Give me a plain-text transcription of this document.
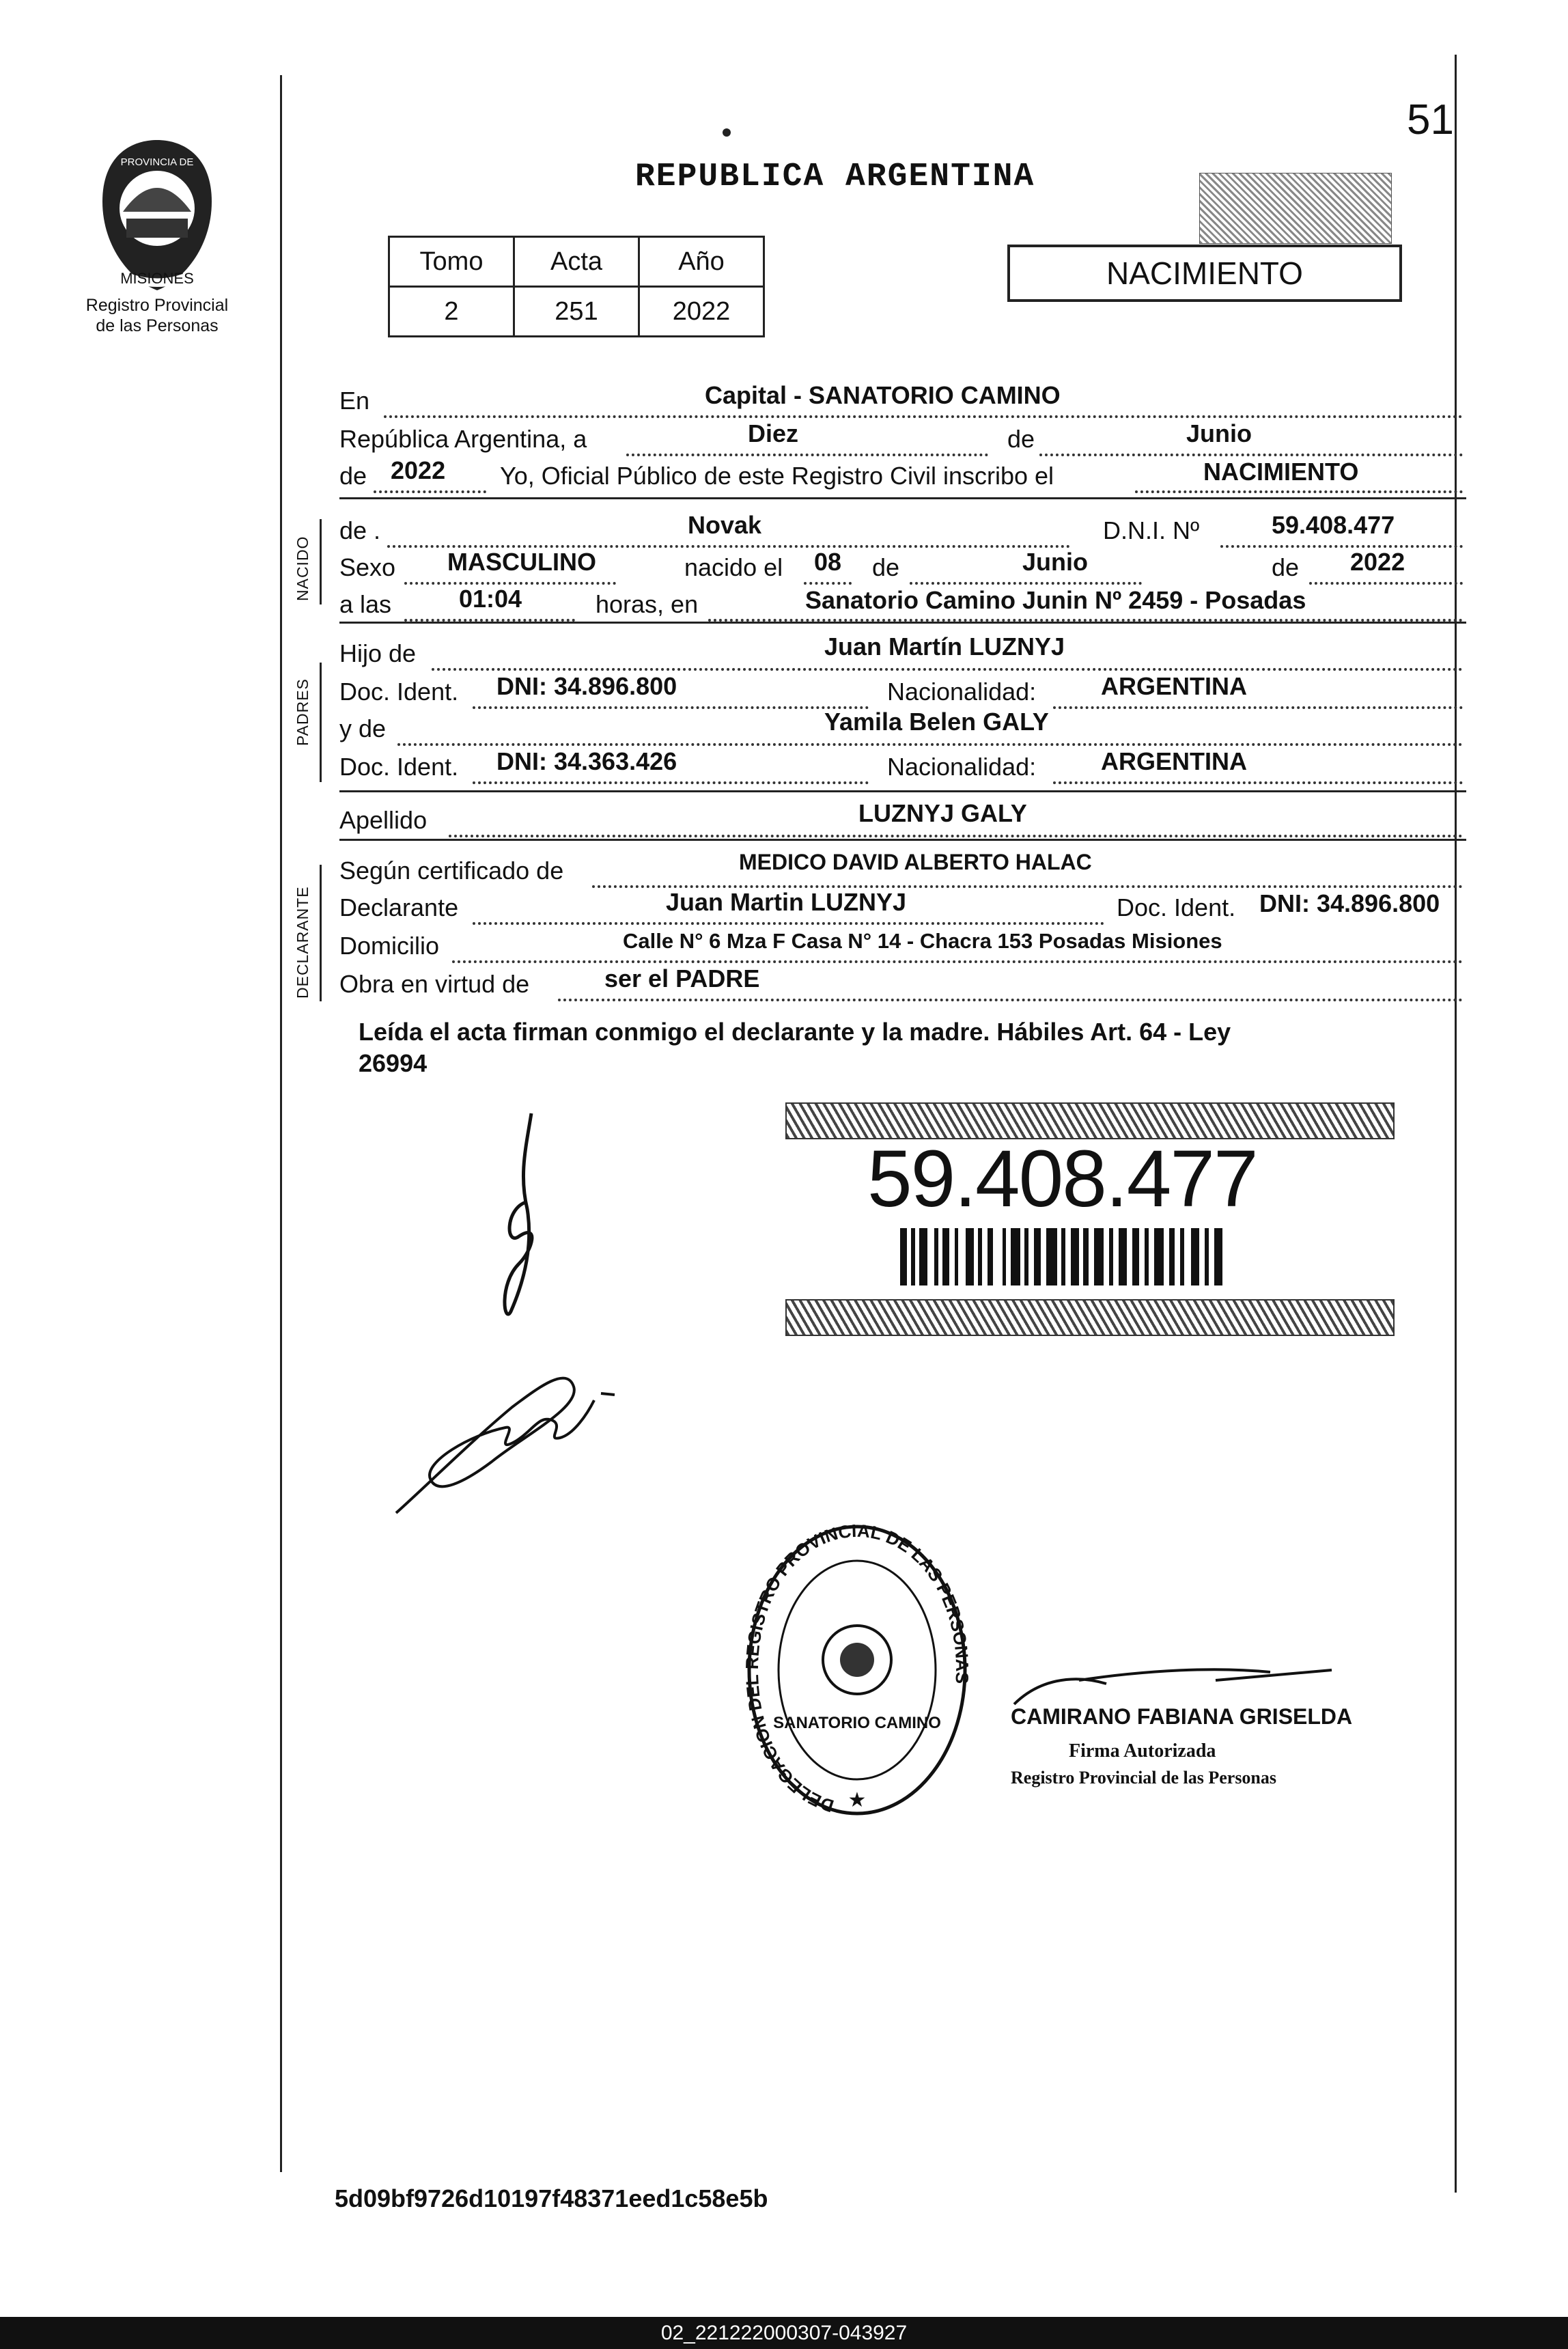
MISIONES
PROVINCIA DE
Registro Provincial
de las Personas
51
REPUBLICA ARGENTINA
Tomo	Acta	Año
2	251	2022
NACIMIENTO
NACIDO
PADRES
DECLARANTE
En	Capital - SANATORIO CAMINO
República Argentina, a	Diez	de	Junio
de 2022 Yo, Oficial Público de este Registro Civil inscribo el	NACIMIENTO
de .	Novak	D.N.I. Nº	59.408.477
Sexo MASCULINO	nacido el 08 de	Junio	de 2022
a las	01:04	horas, en	Sanatorio Camino Junin Nº 2459 - Posadas
Hijo de	Juan Martín LUZNYJ
Doc. Ident. DNI: 34.896.800	Nacionalidad:	ARGENTINA
y de	Yamila Belen GALY
Doc. Ident. DNI: 34.363.426	Nacionalidad:	ARGENTINA
Apellido	LUZNYJ GALY
Según certificado de	MEDICO DAVID ALBERTO HALAC
Declarante	Juan Martin LUZNYJ	Doc. Ident. DNI: 34.896.800
Domicilio	Calle N° 6 Mza F Casa N° 14 - Chacra 153 Posadas Misiones
Obra en virtud de	ser el PADRE
Leída el acta firman conmigo el declarante y la madre. Hábiles Art. 64 - Ley
26994
59.408.477
DELEGACION DEL REGISTRO PROVINCIAL DE LAS PERSONAS
SANATORIO CAMINO
★
CAMIRANO FABIANA GRISELDA
Firma Autorizada
Registro Provincial de las Personas
5d09bf9726d10197f48371eed1c58e5b
02_221222000307-043927
